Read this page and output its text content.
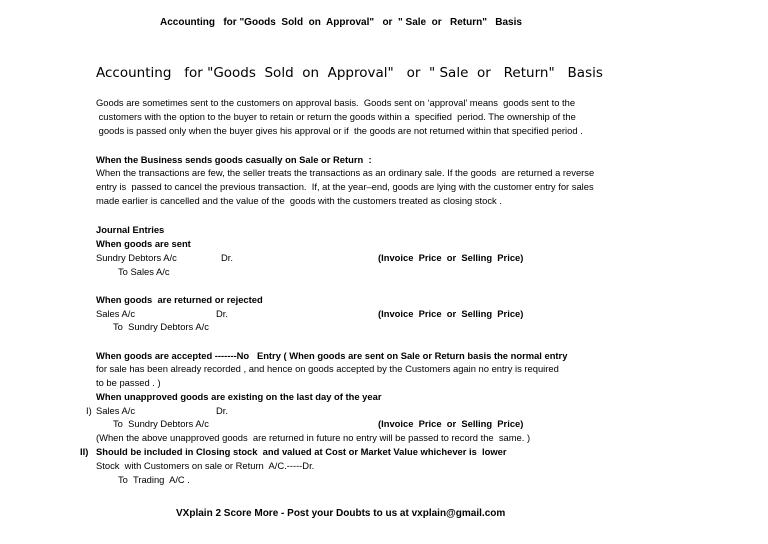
Accounting   for "Goods  Sold  on  Approval"   or  " Sale  or   Return"   Basis
Accounting   for "Goods  Sold  on  Approval"   or  " Sale  or   Return"   Basis
Goods are sometimes sent to the customers on approval basis.  Goods sent on ‘approval’ means  goods sent to the
customers with the option to the buyer to retain or return the goods within a  specified  period. The ownership of the
goods is passed only when the buyer gives his approval or if  the goods are not returned within that specified period .
When the Business sends goods casually on Sale or Return  :
When the transactions are few, the seller treats the transactions as an ordinary sale. If the goods  are returned a reverse
entry is  passed to cancel the previous transaction.  If, at the year–end, goods are lying with the customer entry for sales
made earlier is cancelled and the value of the  goods with the customers treated as closing stock .
Journal Entries
When goods are sent
Sundry Debtors A/c	Dr.	(Invoice  Price  or  Selling  Price)
To Sales A/c
When goods  are returned or rejected
Sales A/c	Dr.	(Invoice  Price  or  Selling  Price)
To  Sundry Debtors A/c
When goods are accepted -------No   Entry ( When goods are sent on Sale or Return basis the normal entry
for sale has been already recorded , and hence on goods accepted by the Customers again no entry is required
to be passed . )
When unapproved goods are existing on the last day of the year
I) Sales A/c	Dr.
To  Sundry Debtors A/c	(Invoice  Price  or  Selling  Price)
(When the above unapproved goods  are returned in future no entry will be passed to record the  same. )
II) Should be included in Closing stock  and valued at Cost or Market Value whichever is  lower
Stock  with Customers on sale or Return  A/C.-----Dr.
To  Trading  A/C .
VXplain 2 Score More - Post your Doubts to us at vxplain@gmail.com
